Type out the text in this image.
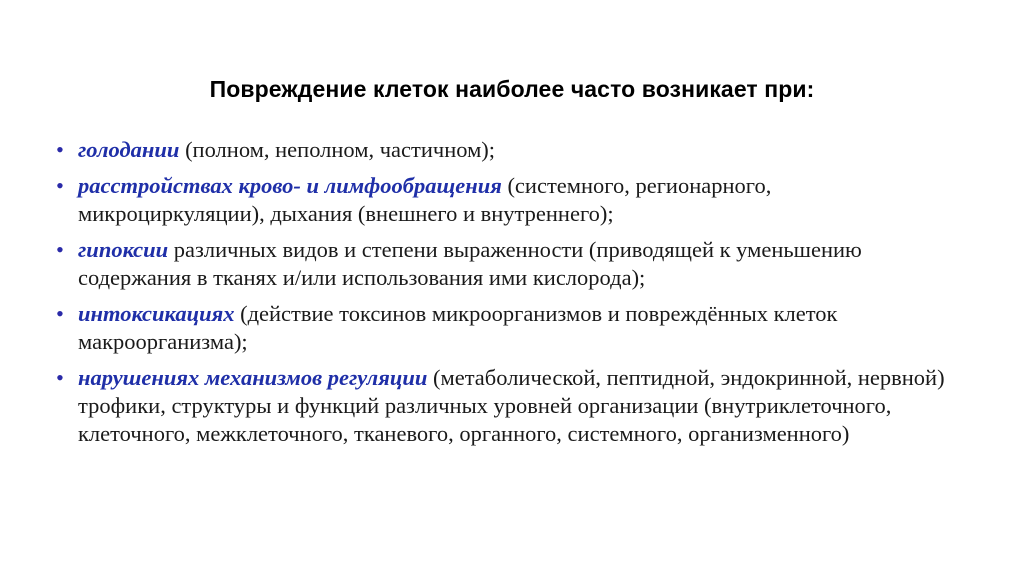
Повреждение клеток наиболее часто возникает при:
• голодании (полном, неполном, частичном);
• расстройствах крово- и лимфообращения (системного, регионарного, микроциркуляции), дыхания (внешнего и внутреннего);
• гипоксии различных видов и степени выраженности (приводящей к уменьшению содержания в тканях и/или использования ими кислорода);
• интоксикациях (действие токсинов микроорганизмов и повреждённых клеток макроорганизма);
• нарушениях механизмов регуляции (метаболической, пептидной, эндокринной, нервной) трофики, структуры и функций различных уровней организации (внутриклеточного, клеточного, межклеточного, тканевого, органного, системного, организменного)
